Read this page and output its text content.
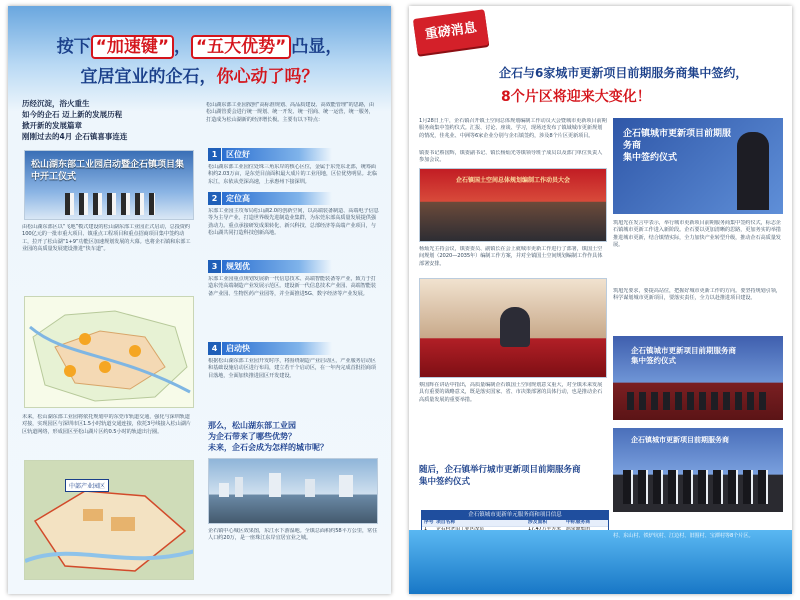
按下 “加速键” ， “五大优势” 凸显，
宜居宜业的企石，你心动了吗？
历经沉淀，浴火重生
如今的企石 迈上新的发展历程
掀开新的发展篇章
刚刚过去的4月 企石镇喜事连连
松山湖东部工业园按照“高标准规划、高品质建设、高效能管理”的思路，由松山湖管委会进行统一规划、统一开发、统一招商、统一运营，统一服务，打造成为松山湖新的经济增长极。主要有以下特点：
松山湖东部工业园启动暨企石镇项目集中开工仪式
由松山湖东部区以“飞地”模式建设的松山湖东部工业园正式启动，总投资约100亿元的一批市重大项目、镇重点工程项目和重点招商项目集中签约动工，拉开了松山湖“1+9”功能区加速规划发展的大幕。也将企石镇和东部工业园的高质量发展建设推进“快车道”。
未来，松山湖东部工业园将依托规划中的东莞市轨道交通，强化与深圳轨道对接，实现园区与深圳市区1.5小时轨道交通连接，依托3号线接入松山湖片区轨道网络，形成园区至松山湖片区约0.5小时的轨道出行圈。
中部产业园区
1	区位好
松山湖东部工业园位处珠三角东岸的核心区位，金属于东莞东北部，统筹面积约2.03万亩，是东莞目前面积最大成片的工业用地，区位优势明显。北临东江，东依从莞深高速，上承惠州下接深圳。
2	定位高
东部工业园主攻布局松山湖2.0的创新空间，以高端装备制造、高端电子信息等为主导产业，打造世界级先进制造业集群，为东莞东部高质量发展提供强劲动力。重点承接研发成果转化、新兴科技、总部经济等高端产业项目，与松山湖共同打造科技创新高地。
3	规划优
东部工业园重点规划发展新一代信息技术、高端智能装备等产业，致力于打造东莞高端制造产业发展示范区。建设新一代信息技术产业园、高端智能装备产业园、生物医药产业园等，并全面推进5G、数字经济等产业发展。
4	启动快
根据松山湖东部工业园开发时序，将围绕制造产业启动区，产业服务启动区和基础设施启动区进行布局，建立若干个启动区，在一年内完成首批招商项目落地，全面加快推进园区开发建设。
那么，松山湖东部工业园
为企石带来了哪些优势？
未来，企石会成为怎样的城市呢？
企石镇中心城区效果图，东江水下游湿地。全镇总面积约58平方公里，常住人口约20万，是一座珠江东岸宜居宜业之城。
重磅消息
企石与6家城市更新项目前期服务商集中签约，
8个片区将迎来大变化！
1月28日上午，企石镇召开镇土空间总体规划编制工作动员大会暨城市更新项目前期服务商集中签约仪式。汇报、讨论、座谈、学习，现场还发布了镇域城市更新规划的情况，佳兆业、中洲等6家企业分别与企石镇签约，涉及8个片区更新项目。
镇委书记蔡国辉，镇委副书记、镇长杨灿光等镇领导班子成员以及部门单位负责人参加会议。
企石镇国土空间总体规划编制工作动员大会
杨灿光主持会议，镇委委员、副镇长在会上就城市更新工作进行了部署，镇国土空间规划（2020—2035年）编制工作方案，并对全镇国土空间规划编制工作作具体部署安排。
蔡国辉在讲话中指出，高质量编制企石镇国土空间规划意义重大，对全镇未来发展具有重要的战略意义，既是落实国家、省、市决策部署的具体行动，也是推动企石高质量发展的重要举措。
随后，企石镇举行城市更新项目前期服务商
集中签约仪式
企石镇城市更新单元服务商和项目信息
序号 项目名称	涉及面积	中标服务商
企石镇城市更新项目前期服务商
集中签约仪式
筑旭光在发言中表示，举行城市更新项目前期服务商集中签约仪式，标志企石镇城市更新工作进入新阶段。企石要以更加清晰的思路，更加务实的举措推进城市更新，结合镇情实际，全力加快产业转型升级，推动企石高质量发展。
筑旭光要求，要提高站位，把握好城市更新工作的方向。要坚持规划引领，科学谋划城市更新项目，要落实责任，全力以赴推进项目建设。
企石镇城市更新项目前期服务商
集中签约仪式
企石镇城市更新项目前期服务商
在集中签约仪式上，企石镇与鸿荣源、嘉华、佳兆业、中洲、华润、中海、星河、保利等6家城市更新项目前期服务商签约，涉及企石村、霞朗村、刘屋村、东山村、铁炉坑村、江边村、旧围村、宝潭村等8个片区。
